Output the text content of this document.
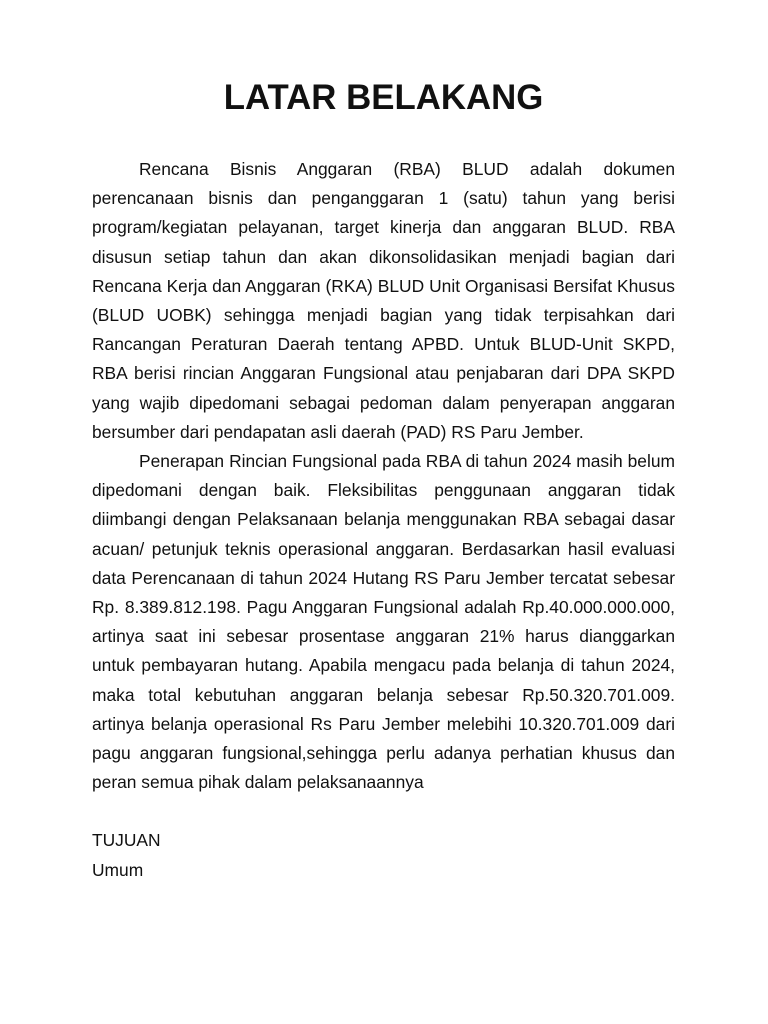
LATAR BELAKANG

Rencana Bisnis Anggaran (RBA) BLUD adalah dokumen perencanaan bisnis dan penganggaran 1 (satu) tahun yang berisi program/kegiatan pelayanan, target kinerja dan anggaran BLUD. RBA disusun setiap tahun dan akan dikonsolidasikan menjadi bagian dari Rencana Kerja dan Anggaran (RKA) BLUD Unit Organisasi Bersifat Khusus (BLUD UOBK) sehingga menjadi bagian yang tidak terpisahkan dari Rancangan Peraturan Daerah tentang APBD. Untuk BLUD-Unit SKPD, RBA berisi rincian Anggaran Fungsional atau penjabaran dari DPA SKPD yang wajib dipedomani sebagai pedoman dalam penyerapan anggaran bersumber dari pendapatan asli daerah (PAD) RS Paru Jember.

Penerapan Rincian Fungsional pada RBA di tahun 2024 masih belum dipedomani dengan baik. Fleksibilitas penggunaan anggaran tidak diimbangi dengan Pelaksanaan belanja menggunakan RBA sebagai dasar acuan/ petunjuk teknis operasional anggaran. Berdasarkan hasil evaluasi data Perencanaan di tahun 2024 Hutang RS Paru Jember tercatat sebesar Rp. 8.389.812.198. Pagu Anggaran Fungsional adalah Rp.40.000.000.000, artinya saat ini sebesar prosentase anggaran 21% harus dianggarkan untuk pembayaran hutang. Apabila mengacu pada belanja di tahun 2024, maka total kebutuhan anggaran belanja sebesar Rp.50.320.701.009. artinya belanja operasional Rs Paru Jember melebihi 10.320.701.009 dari pagu anggaran fungsional,sehingga perlu adanya perhatian khusus dan peran semua pihak dalam pelaksanaannya

TUJUAN

Umum
